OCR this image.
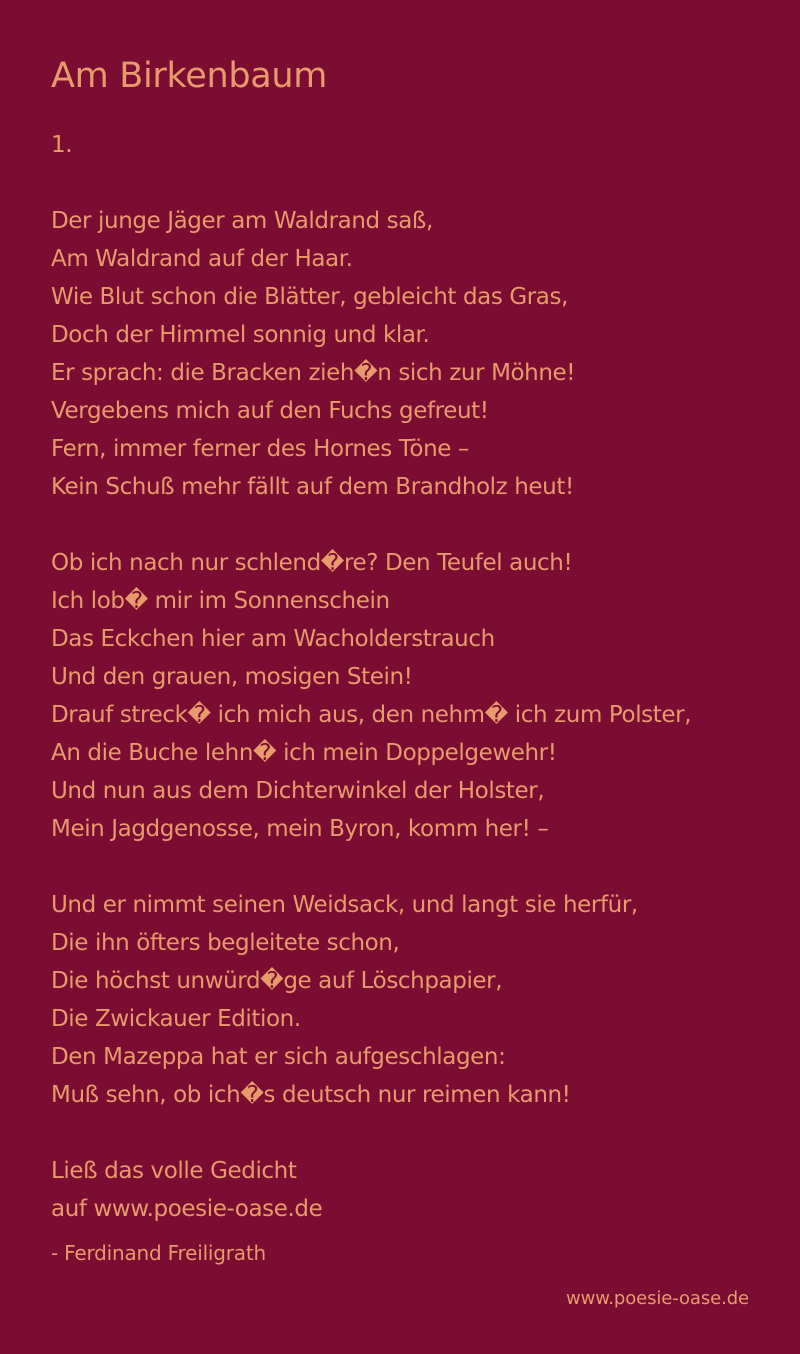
Am Birkenbaum
1.
Der junge Jäger am Waldrand saß,
Am Waldrand auf der Haar.
Wie Blut schon die Blätter, gebleicht das Gras,
Doch der Himmel sonnig und klar.
Er sprach: die Bracken zieh�n sich zur Möhne!
Vergebens mich auf den Fuchs gefreut!
Fern, immer ferner des Hornes Töne –
Kein Schuß mehr fällt auf dem Brandholz heut!
Ob ich nach nur schlend�re? Den Teufel auch!
Ich lob� mir im Sonnenschein
Das Eckchen hier am Wacholderstrauch
Und den grauen, mosigen Stein!
Drauf streck� ich mich aus, den nehm� ich zum Polster,
An die Buche lehn� ich mein Doppelgewehr!
Und nun aus dem Dichterwinkel der Holster,
Mein Jagdgenosse, mein Byron, komm her! –
Und er nimmt seinen Weidsack, und langt sie herfür,
Die ihn öfters begleitete schon,
Die höchst unwürd�ge auf Löschpapier,
Die Zwickauer Edition.
Den Mazeppa hat er sich aufgeschlagen:
Muß sehn, ob ich�s deutsch nur reimen kann!
Ließ das volle Gedicht
auf www.poesie-oase.de
- Ferdinand Freiligrath
www.poesie-oase.de
